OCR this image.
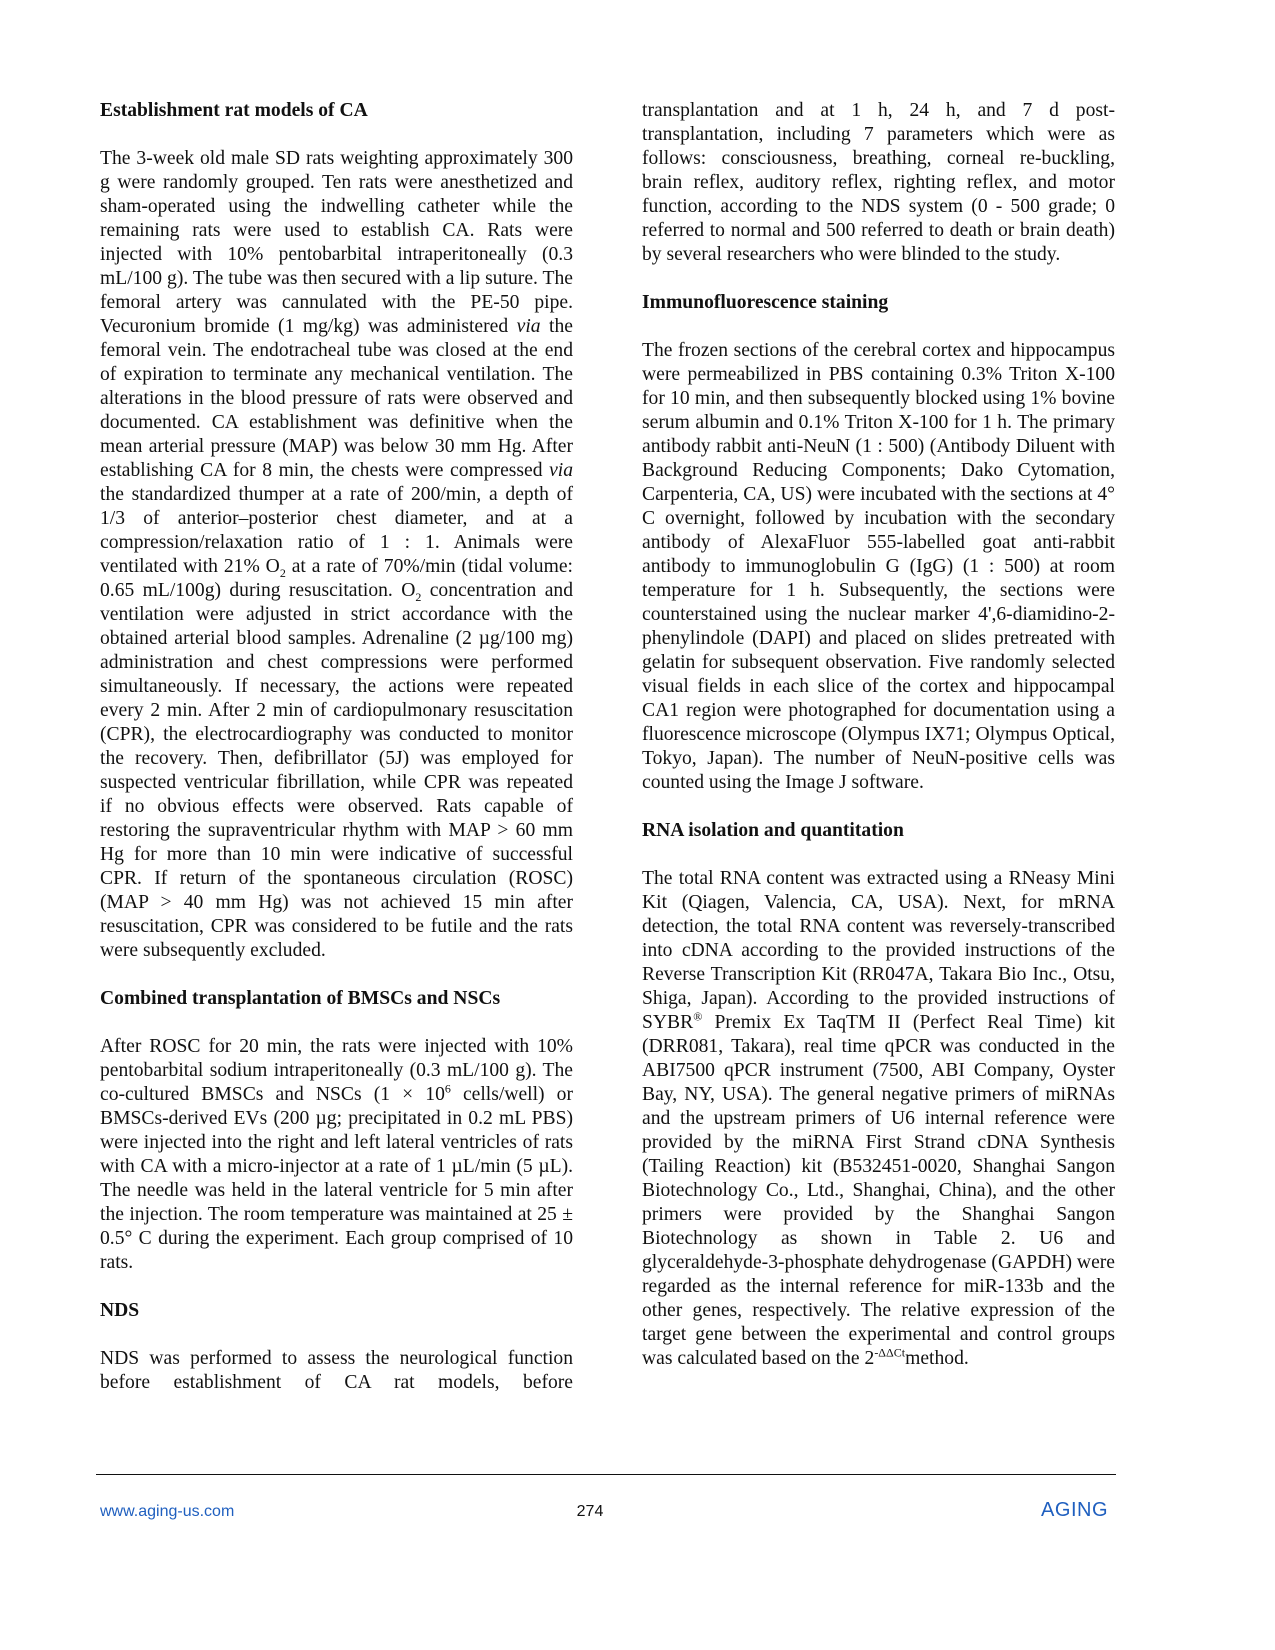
Establishment rat models of CA

The 3-week old male SD rats weighting approximately 300 g were randomly grouped. Ten rats were anesthetized and sham-operated using the indwelling catheter while the remaining rats were used to establish CA. Rats were injected with 10% pentobarbital intraperitoneally (0.3 mL/100 g). The tube was then secured with a lip suture. The femoral artery was cannulated with the PE-50 pipe. Vecuronium bromide (1 mg/kg) was administered via the femoral vein. The endotracheal tube was closed at the end of expiration to terminate any mechanical ventilation. The alterations in the blood pressure of rats were observed and documented. CA establishment was definitive when the mean arterial pressure (MAP) was below 30 mm Hg. After establishing CA for 8 min, the chests were compressed via the standardized thumper at a rate of 200/min, a depth of 1/3 of anterior–posterior chest diameter, and at a compression/relaxation ratio of 1 : 1. Animals were ventilated with 21% $O_2$ at a rate of 70%/min (tidal volume: 0.65 mL/100g) during resuscitation. $O_2$ concentration and ventilation were adjusted in strict accordance with the obtained arterial blood samples. Adrenaline (2 µg/100 mg) administration and chest compressions were performed simultaneously. If necessary, the actions were repeated every 2 min. After 2 min of cardiopulmonary resuscitation (CPR), the electrocardiography was conducted to monitor the recovery. Then, defibrillator (5J) was employed for suspected ventricular fibrillation, while CPR was repeated if no obvious effects were observed. Rats capable of restoring the supraventricular rhythm with MAP > 60 mm Hg for more than 10 min were indicative of successful CPR. If return of the spontaneous circulation (ROSC) (MAP > 40 mm Hg) was not achieved 15 min after resuscitation, CPR was considered to be futile and the rats were subsequently excluded.

Combined transplantation of BMSCs and NSCs

After ROSC for 20 min, the rats were injected with 10% pentobarbital sodium intraperitoneally (0.3 mL/100 g). The co-cultured BMSCs and NSCs ($1 \times 10^6$ cells/well) or BMSCs-derived EVs (200 µg; precipitated in 0.2 mL PBS) were injected into the right and left lateral ventricles of rats with CA with a micro-injector at a rate of 1 µL/min (5 µL). The needle was held in the lateral ventricle for 5 min after the injection. The room temperature was maintained at 25 ± 0.5° C during the experiment. Each group comprised of 10 rats.

NDS

NDS was performed to assess the neurological function before establishment of CA rat models, before

transplantation and at 1 h, 24 h, and 7 d post-transplantation, including 7 parameters which were as follows: consciousness, breathing, corneal re-buckling, brain reflex, auditory reflex, righting reflex, and motor function, according to the NDS system (0 - 500 grade; 0 referred to normal and 500 referred to death or brain death) by several researchers who were blinded to the study.

Immunofluorescence staining

The frozen sections of the cerebral cortex and hippocampus were permeabilized in PBS containing 0.3% Triton X-100 for 10 min, and then subsequently blocked using 1% bovine serum albumin and 0.1% Triton X-100 for 1 h. The primary antibody rabbit anti-NeuN (1 : 500) (Antibody Diluent with Background Reducing Components; Dako Cytomation, Carpenteria, CA, US) were incubated with the sections at 4° C overnight, followed by incubation with the secondary antibody of AlexaFluor 555-labelled goat anti-rabbit antibody to immunoglobulin G (IgG) (1 : 500) at room temperature for 1 h. Subsequently, the sections were counterstained using the nuclear marker 4',6-diamidino-2-phenylindole (DAPI) and placed on slides pretreated with gelatin for subsequent observation. Five randomly selected visual fields in each slice of the cortex and hippocampal CA1 region were photographed for documentation using a fluorescence microscope (Olympus IX71; Olympus Optical, Tokyo, Japan). The number of NeuN-positive cells was counted using the Image J software.

RNA isolation and quantitation

The total RNA content was extracted using a RNeasy Mini Kit (Qiagen, Valencia, CA, USA). Next, for mRNA detection, the total RNA content was reversely-transcribed into cDNA according to the provided instructions of the Reverse Transcription Kit (RR047A, Takara Bio Inc., Otsu, Shiga, Japan). According to the provided instructions of SYBR® Premix Ex TaqTM II (Perfect Real Time) kit (DRR081, Takara), real time qPCR was conducted in the ABI7500 qPCR instrument (7500, ABI Company, Oyster Bay, NY, USA). The general negative primers of miRNAs and the upstream primers of U6 internal reference were provided by the miRNA First Strand cDNA Synthesis (Tailing Reaction) kit (B532451-0020, Shanghai Sangon Biotechnology Co., Ltd., Shanghai, China), and the other primers were provided by the Shanghai Sangon Biotechnology as shown in Table 2. U6 and glyceraldehyde-3-phosphate dehydrogenase (GAPDH) were regarded as the internal reference for miR-133b and the other genes, respectively. The relative expression of the target gene between the experimental and control groups was calculated based on the $2^{-\Delta\Delta Ct}method$.

www.aging-us.com	274	AGING
